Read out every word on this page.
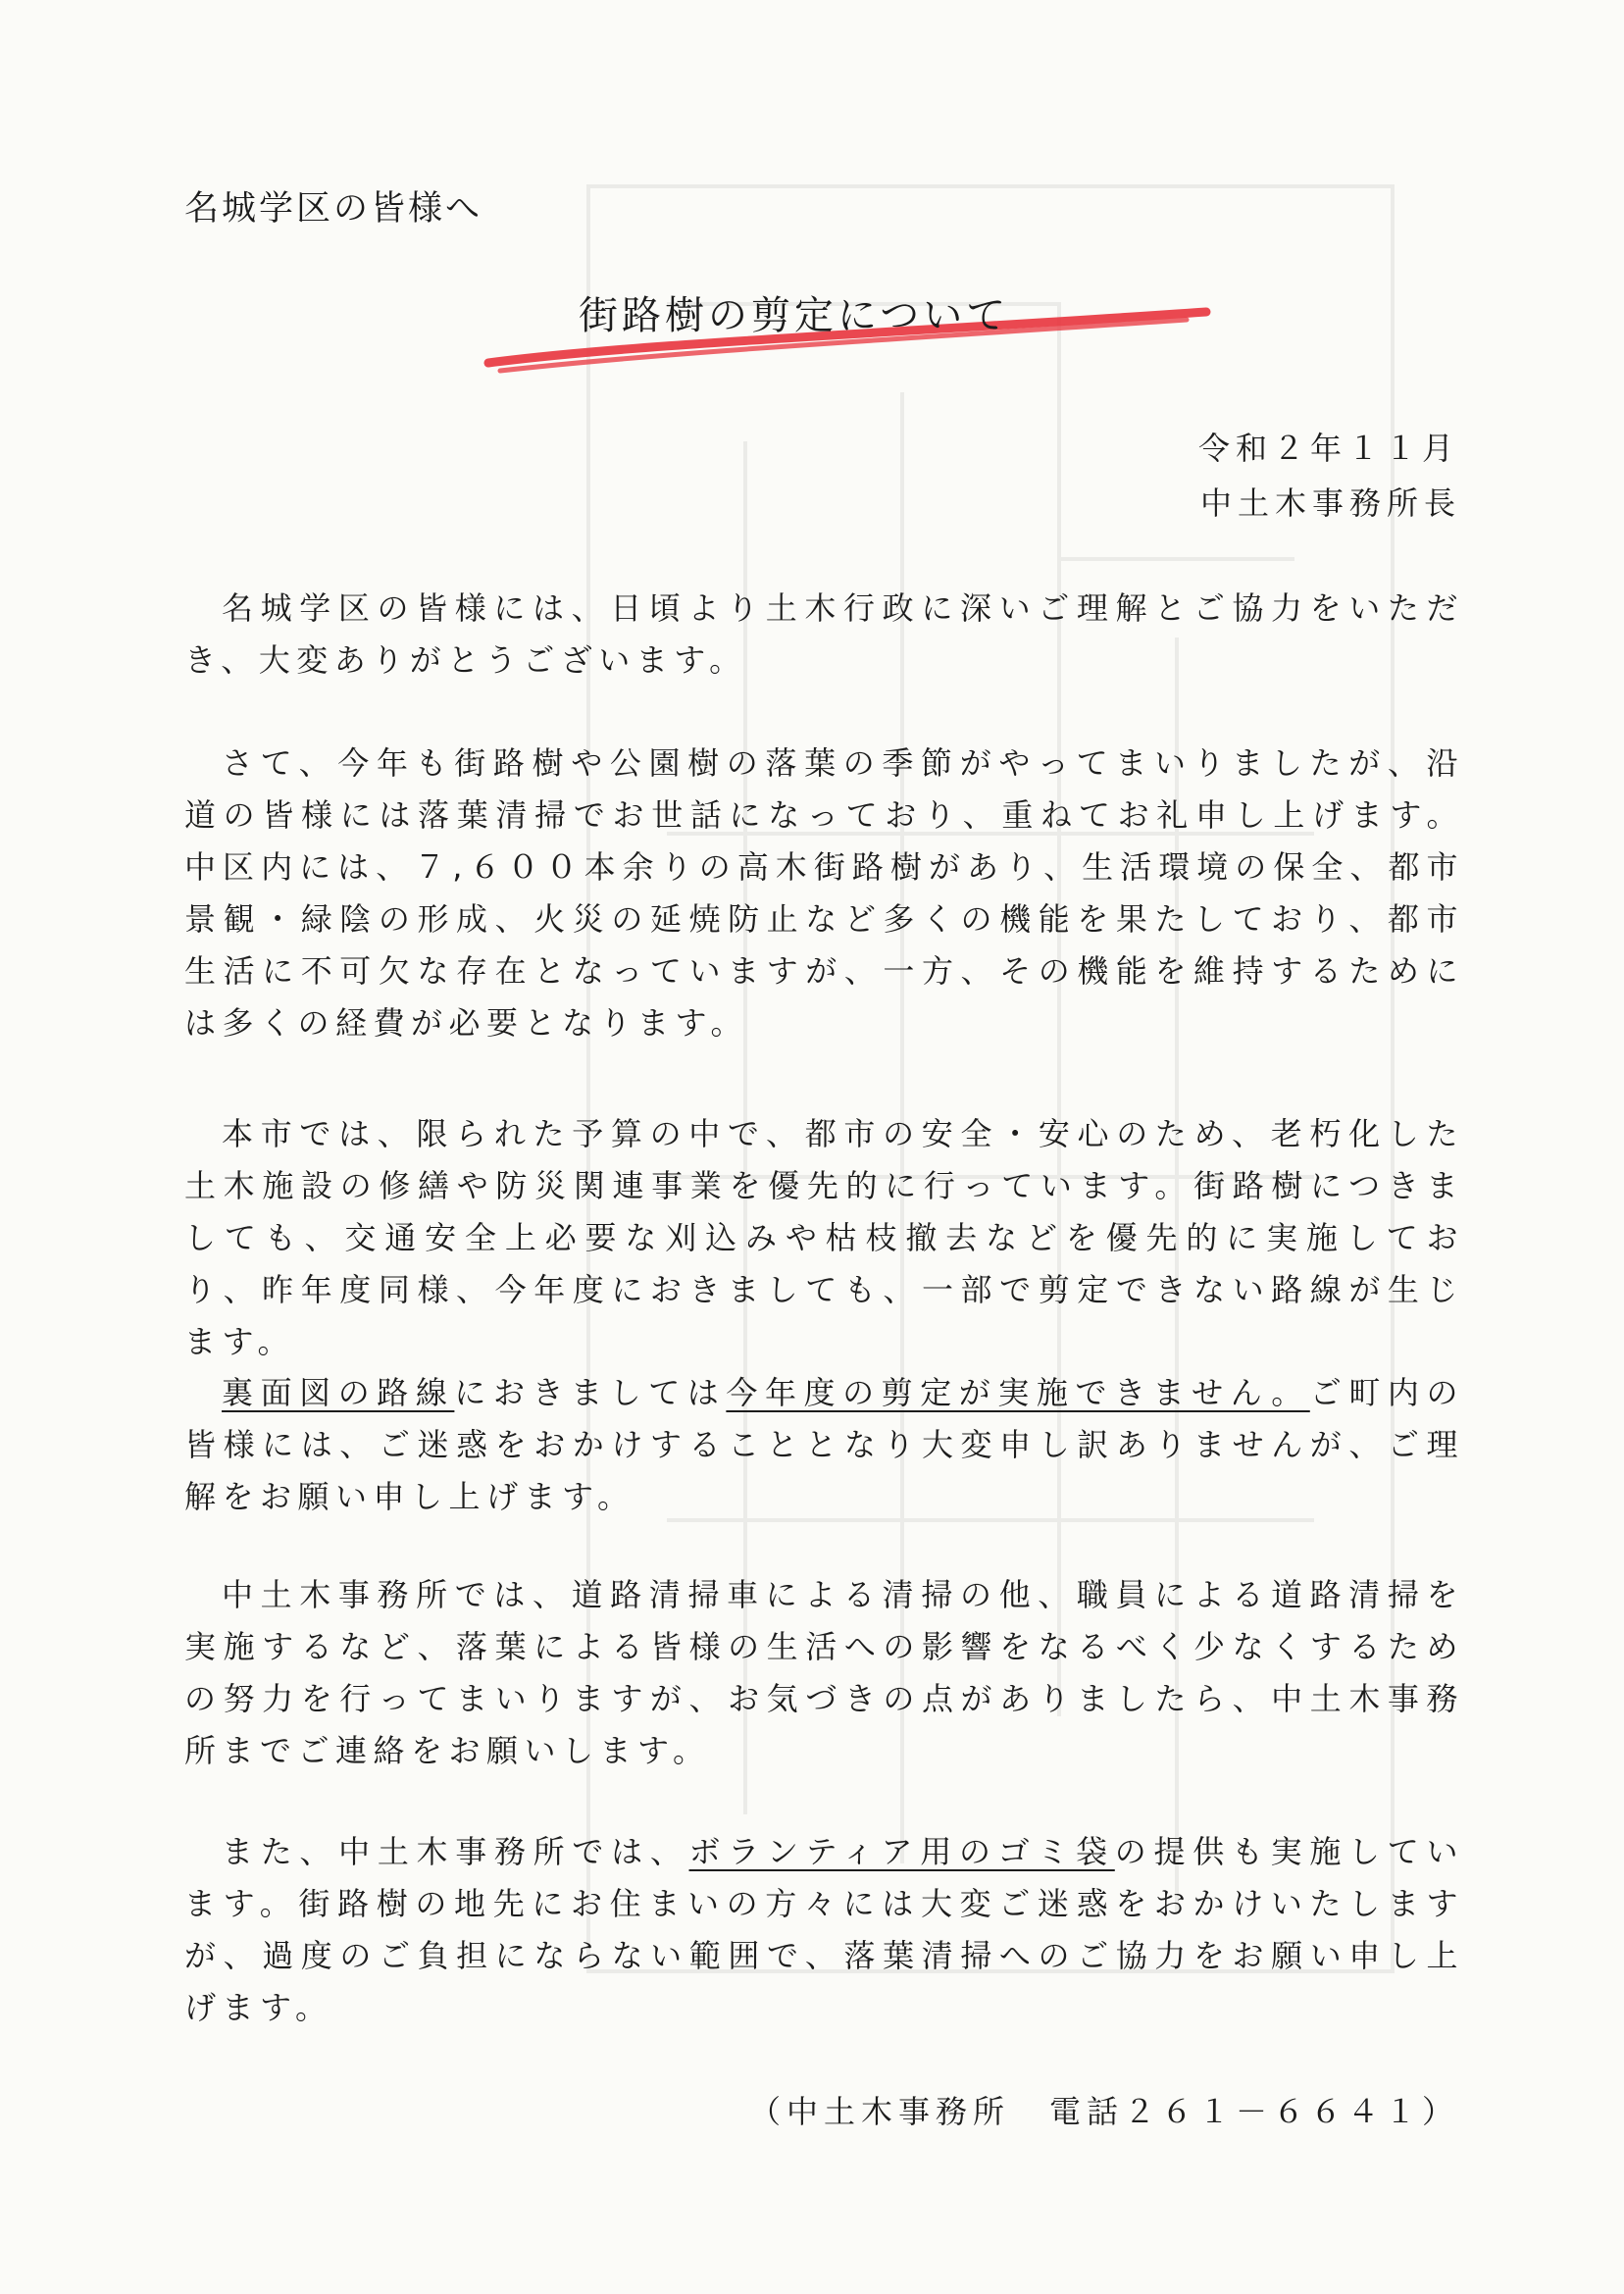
名城学区の皆様へ
街路樹の剪定について
令和２年１１月
中土木事務所長

名城学区の皆様には、日頃より土木行政に深いご理解とご協力をいただき、大変ありがとうございます。

さて、今年も街路樹や公園樹の落葉の季節がやってまいりましたが、沿道の皆様には落葉清掃でお世話になっており、重ねてお礼申し上げます。中区内には、７,６００本余りの高木街路樹があり、生活環境の保全、都市景観・緑陰の形成、火災の延焼防止など多くの機能を果たしており、都市生活に不可欠な存在となっていますが、一方、その機能を維持するためには多くの経費が必要となります。

本市では、限られた予算の中で、都市の安全・安心のため、老朽化した土木施設の修繕や防災関連事業を優先的に行っています。街路樹につきましても、交通安全上必要な刈込みや枯枝撤去などを優先的に実施しており、昨年度同様、今年度におきましても、一部で剪定できない路線が生じます。

裏面図の路線におきましては今年度の剪定が実施できません。ご町内の皆様には、ご迷惑をおかけすることとなり大変申し訳ありませんが、ご理解をお願い申し上げます。

中土木事務所では、道路清掃車による清掃の他、職員による道路清掃を実施するなど、落葉による皆様の生活への影響をなるべく少なくするための努力を行ってまいりますが、お気づきの点がありましたら、中土木事務所までご連絡をお願いします。

また、中土木事務所では、ボランティア用のゴミ袋の提供も実施しています。街路樹の地先にお住まいの方々には大変ご迷惑をおかけいたしますが、過度のご負担にならない範囲で、落葉清掃へのご協力をお願い申し上げます。

（中土木事務所 電話２６１－６６４１）
